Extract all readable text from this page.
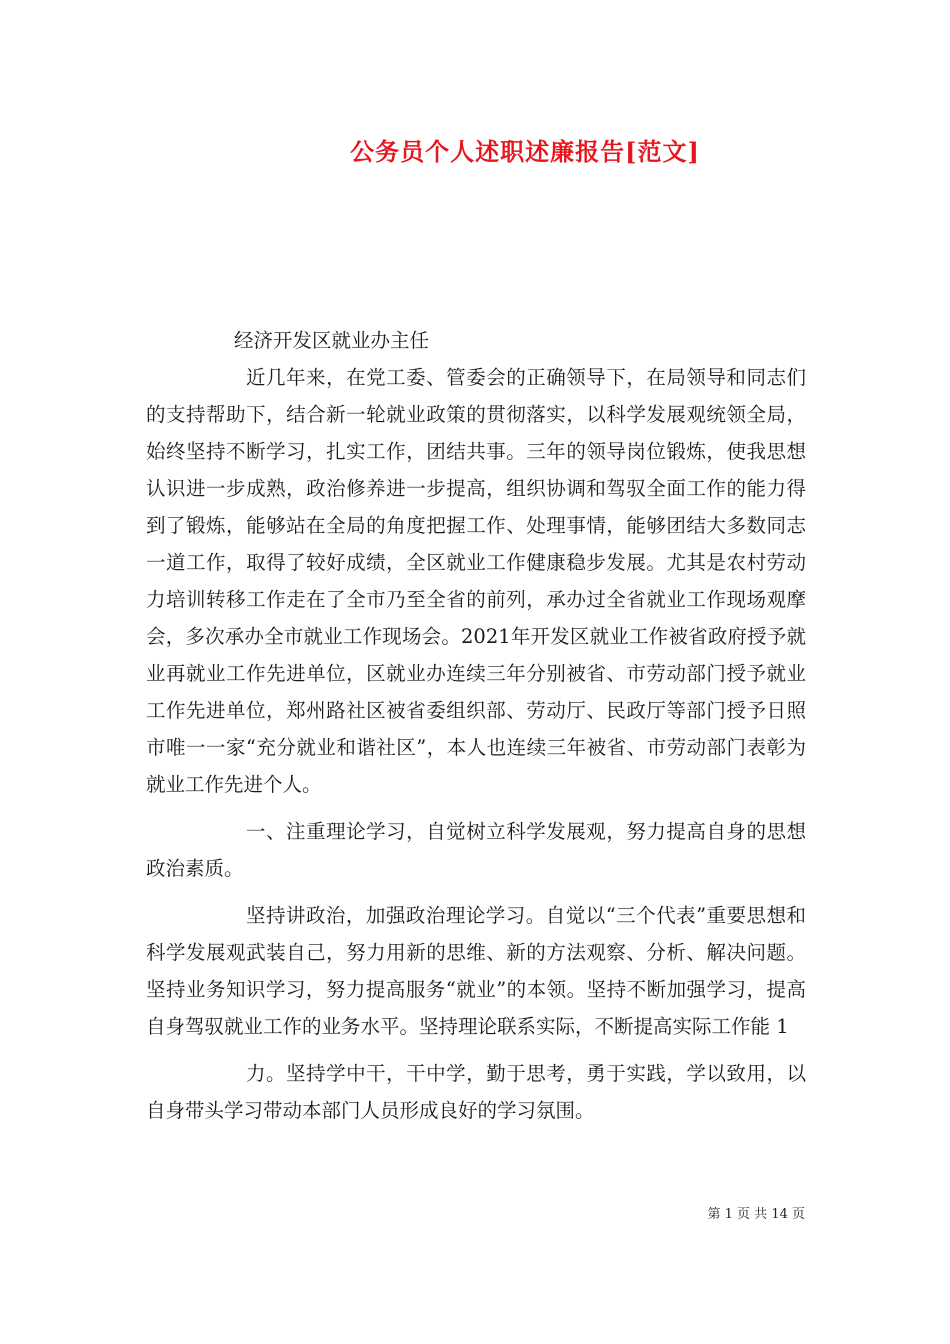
公务员个人述职述廉报告[范文]

经济开发区就业办主任

近几年来，在党工委、管委会的正确领导下，在局领导和同志们的支持帮助下，结合新一轮就业政策的贯彻落实，以科学发展观统领全局，始终坚持不断学习，扎实工作，团结共事。三年的领导岗位锻炼，使我思想认识进一步成熟，政治修养进一步提高，组织协调和驾驭全面工作的能力得到了锻炼，能够站在全局的角度把握工作、处理事情，能够团结大多数同志一道工作，取得了较好成绩，全区就业工作健康稳步发展。尤其是农村劳动力培训转移工作走在了全市乃至全省的前列，承办过全省就业工作现场观摩会，多次承办全市就业工作现场会。2021年开发区就业工作被省政府授予就业再就业工作先进单位，区就业办连续三年分别被省、市劳动部门授予就业工作先进单位，郑州路社区被省委组织部、劳动厅、民政厅等部门授予日照市唯一一家“充分就业和谐社区”，本人也连续三年被省、市劳动部门表彰为就业工作先进个人。

一、注重理论学习，自觉树立科学发展观，努力提高自身的思想政治素质。

坚持讲政治，加强政治理论学习。自觉以“三个代表”重要思想和科学发展观武装自己，努力用新的思维、新的方法观察、分析、解决问题。坚持业务知识学习，努力提高服务“就业”的本领。坚持不断加强学习，提高自身驾驭就业工作的业务水平。坚持理论联系实际，不断提高实际工作能 1

力。坚持学中干，干中学，勤于思考，勇于实践，学以致用，以自身带头学习带动本部门人员形成良好的学习氛围。

第 1 页 共 14 页
